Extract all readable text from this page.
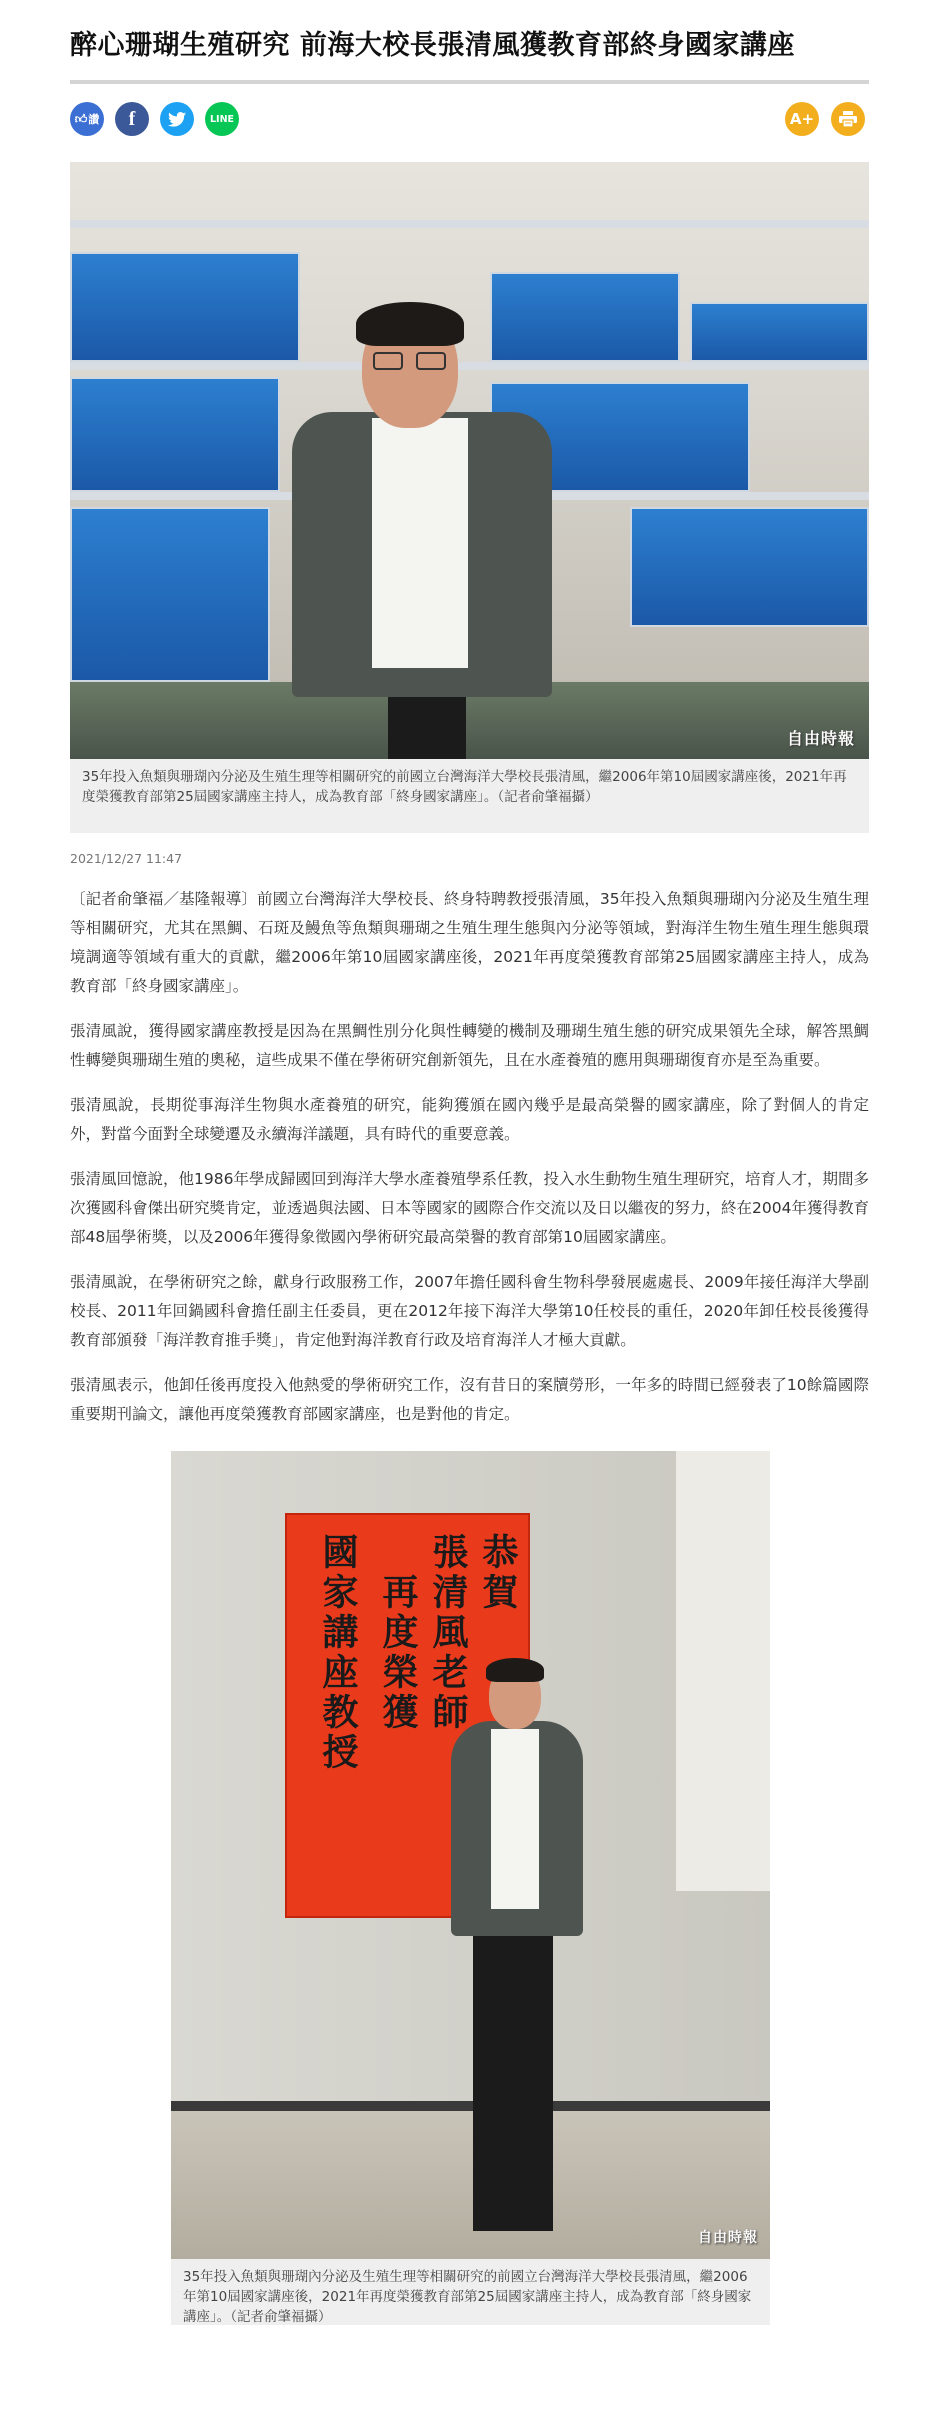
醉心珊瑚生殖研究 前海大校長張清風獲教育部終身國家講座
👍︎ 讚 f	LINE	A+
自由時報
35年投入魚類與珊瑚內分泌及生殖生理等相關研究的前國立台灣海洋大學校長張清風，繼2006年第10屆國家講座後，2021年再度榮獲教育部第25屆國家講座主持人，成為教育部「終身國家講座」。（記者俞肇福攝）
2021/12/27 11:47

〔記者俞肇福／基隆報導〕前國立台灣海洋大學校長、終身特聘教授張清風，35年投入魚類與珊瑚內分泌及生殖生理等相關研究，尤其在黑鯛、石斑及鰻魚等魚類與珊瑚之生殖生理生態與內分泌等領域，對海洋生物生殖生理生態與環境調適等領域有重大的貢獻，繼2006年第10屆國家講座後，2021年再度榮獲教育部第25屆國家講座主持人，成為教育部「終身國家講座」。

張清風說，獲得國家講座教授是因為在黑鯛性別分化與性轉變的機制及珊瑚生殖生態的研究成果領先全球，解答黑鯛性轉變與珊瑚生殖的奧秘，這些成果不僅在學術研究創新領先，且在水產養殖的應用與珊瑚復育亦是至為重要。

張清風說，長期從事海洋生物與水產養殖的研究，能夠獲頒在國內幾乎是最高榮譽的國家講座，除了對個人的肯定外，對當今面對全球變遷及永續海洋議題，具有時代的重要意義。

張清風回憶說，他1986年學成歸國回到海洋大學水產養殖學系任教，投入水生動物生殖生理研究，培育人才，期間多次獲國科會傑出研究獎肯定，並透過與法國、日本等國家的國際合作交流以及日以繼夜的努力，終在2004年獲得教育部48屆學術獎，以及2006年獲得象徵國內學術研究最高榮譽的教育部第10屆國家講座。

張清風說，在學術研究之餘，獻身行政服務工作，2007年擔任國科會生物科學發展處處長、2009年接任海洋大學副校長、2011年回鍋國科會擔任副主任委員，更在2012年接下海洋大學第10任校長的重任，2020年卸任校長後獲得教育部頒發「海洋教育推手獎」，肯定他對海洋教育行政及培育海洋人才極大貢獻。

張清風表示，他卸任後再度投入他熱愛的學術研究工作，沒有昔日的案牘勞形，一年多的時間已經發表了10餘篇國際重要期刊論文，讓他再度榮獲教育部國家講座，也是對他的肯定。

恭賀
張清風老師
再度榮獲
國家講座教授
自由時報
35年投入魚類與珊瑚內分泌及生殖生理等相關研究的前國立台灣海洋大學校長張清風，繼2006年第10屆國家講座後，2021年再度榮獲教育部第25屆國家講座主持人，成為教育部「終身國家講座」。（記者俞肇福攝）
